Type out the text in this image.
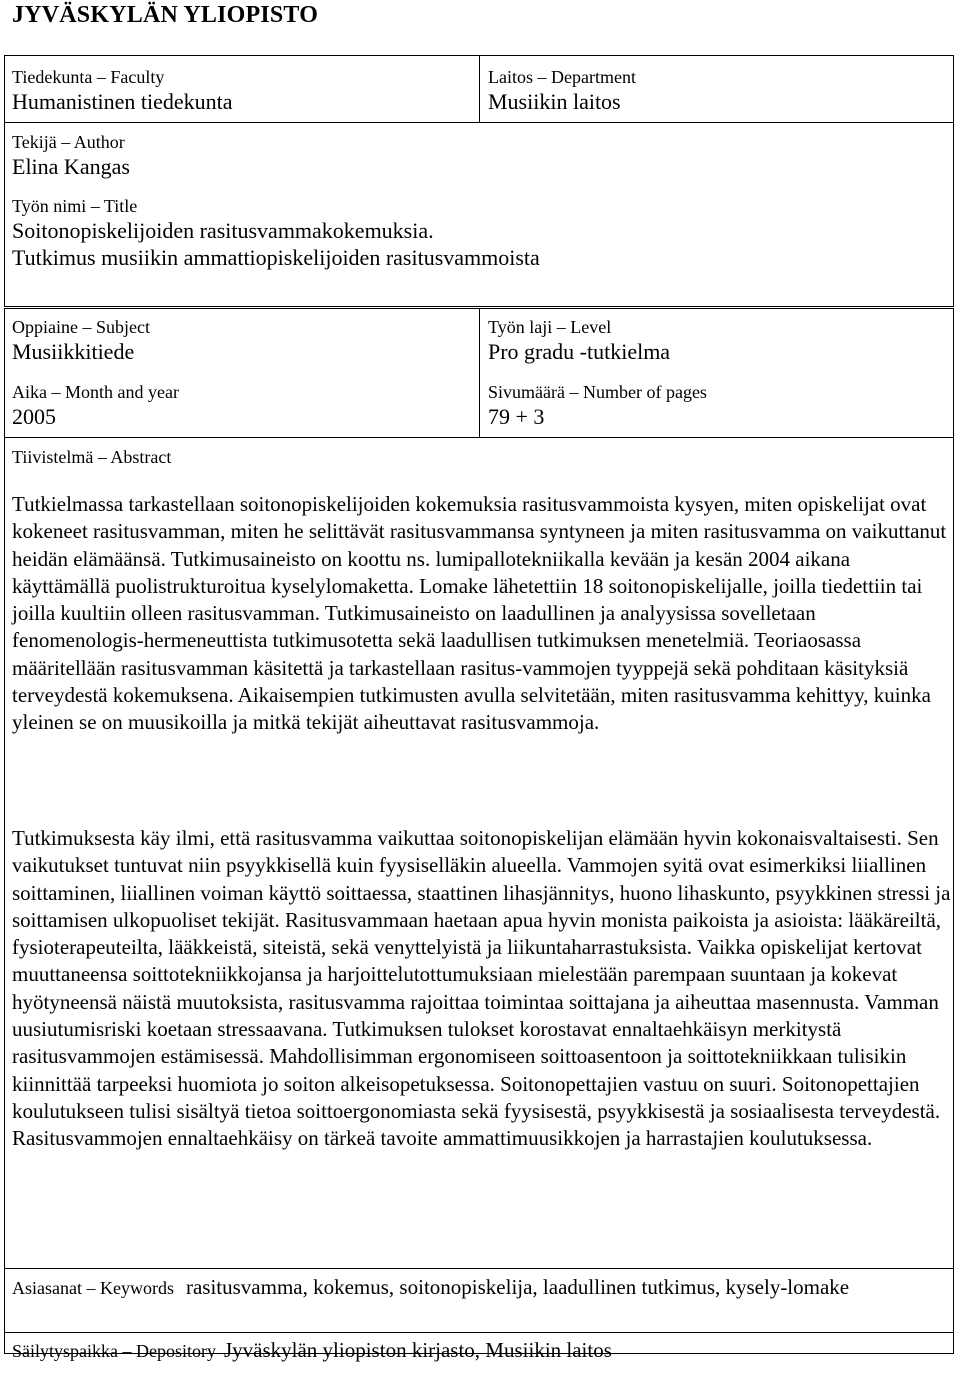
JYVÄSKYLÄN YLIOPISTO
Tiedekunta – Faculty
Humanistinen tiedekunta
Laitos – Department
Musiikin laitos
Tekijä – Author
Elina Kangas
Työn nimi – Title
Soitonopiskelijoiden rasitusvammakokemuksia.
Tutkimus musiikin ammattiopiskelijoiden rasitusvammoista
Oppiaine – Subject
Musiikkitiede
Työn laji – Level
Pro gradu -tutkielma
Aika – Month and year
2005
Sivumäärä – Number of pages
79 + 3
Tiivistelmä – Abstract

Tutkielmassa tarkastellaan soitonopiskelijoiden kokemuksia rasitusvammoista kysyen, miten opiskelijat ovat kokeneet rasitusvamman, miten he selittävät rasitusvammansa syntyneen ja miten rasitusvamma on vaikuttanut heidän elämäänsä. Tutkimusaineisto on koottu ns. lumipallotekniikalla kevään ja kesän 2004 aikana käyttämällä puolistrukturoitua kyselylomaketta. Lomake lähetettiin 18 soitonopiskelijalle, joilla tiedettiin tai joilla kuultiin olleen rasitusvamman. Tutkimusaineisto on laadullinen ja analyysissa sovelletaan fenomenologis-hermeneuttista tutkimusotetta sekä laadullisen tutkimuksen menetelmiä. Teoriaosassa määritellään rasitusvamman käsitettä ja tarkastellaan rasitus-vammojen tyyppejä sekä pohditaan käsityksiä terveydestä kokemuksena. Aikaisempien tutkimusten avulla selvitetään, miten rasitusvamma kehittyy, kuinka yleinen se on muusikoilla ja mitkä tekijät aiheuttavat rasitusvammoja.

Tutkimuksesta käy ilmi, että rasitusvamma vaikuttaa soitonopiskelijan elämään hyvin kokonaisvaltaisesti. Sen vaikutukset tuntuvat niin psyykkisellä kuin fyysiselläkin alueella. Vammojen syitä ovat esimerkiksi liiallinen soittaminen, liiallinen voiman käyttö soittaessa, staattinen lihasjännitys, huono lihaskunto, psyykkinen stressi ja soittamisen ulkopuoliset tekijät. Rasitusvammaan haetaan apua hyvin monista paikoista ja asioista: lääkäreiltä, fysioterapeuteilta, lääkkeistä, siteistä, sekä venyttelyistä ja liikuntaharrastuksista. Vaikka opiskelijat kertovat muuttaneensa soittotekniikkojansa ja harjoittelutottumuksiaan mielestään parempaan suuntaan ja kokevat hyötyneensä näistä muutoksista, rasitusvamma rajoittaa toimintaa soittajana ja aiheuttaa masennusta. Vamman uusiutumisriski koetaan stressaavana. Tutkimuksen tulokset korostavat ennaltaehkäisyn merkitystä rasitusvammojen estämisessä. Mahdollisimman ergonomiseen soittoasentoon ja soittotekniikkaan tulisikin kiinnittää tarpeeksi huomiota jo soiton alkeisopetuksessa. Soitonopettajien vastuu on suuri. Soitonopettajien koulutukseen tulisi sisältyä tietoa soittoergonomiasta sekä fyysisestä, psyykkisestä ja sosiaalisesta terveydestä. Rasitusvammojen ennaltaehkäisy on tärkeä tavoite ammattimuusikkojen ja harrastajien koulutuksessa.

Asiasanat – Keywords rasitusvamma, kokemus, soitonopiskelija, laadullinen tutkimus, kysely-lomake
Säilytyspaikka – Depository Jyväskylän yliopiston kirjasto, Musiikin laitos
